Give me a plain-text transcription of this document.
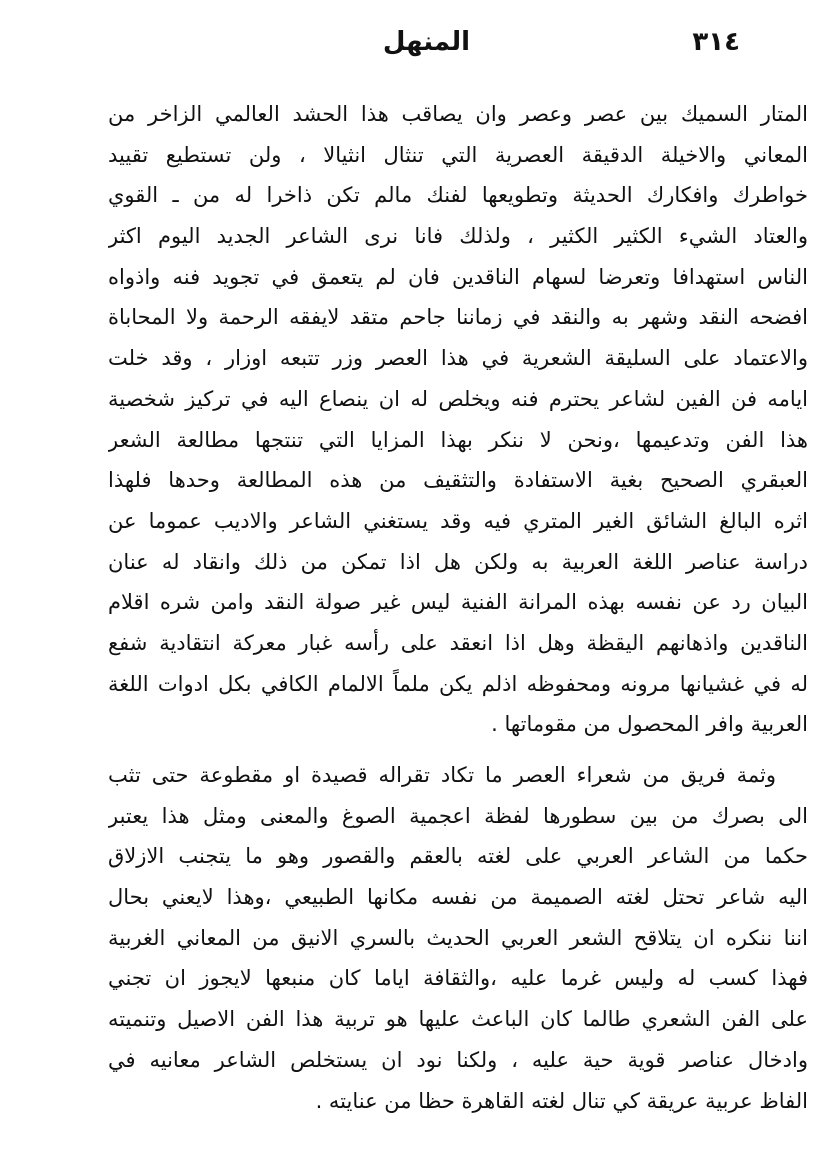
٣١٤
المنهل
المتار السميك بين عصر وعصر وان يصاقب هذا الحشد العالمي الزاخر من
المعاني والاخيلة الدقيقة العصرية التي تنثال انثيالا ، ولن تستطيع تقييد
خواطرك وافكارك الحديثة وتطويعها لفنك مالم تكن ذاخرا له من ـ القوي
والعتاد الشيء الكثير الكثير ، ولذلك فانا نرى الشاعر الجديد اليوم اكثر
الناس استهدافا وتعرضا لسهام الناقدين فان لم يتعمق في تجويد فنه واذواه
افضحه النقد وشهر به والنقد في زماننا جاحم متقد لايفقه الرحمة ولا المحاباة
والاعتماد على السليقة الشعرية في هذا العصر وزر تتبعه اوزار ، وقد خلت
ايامه فن الفين لشاعر يحترم فنه ويخلص له ان ينصاع اليه في تركيز شخصية
هذا الفن وتدعيمها ،ونحن لا ننكر بهذا المزايا التي تنتجها مطالعة الشعر
العبقري الصحيح بغية الاستفادة والتثقيف من هذه المطالعة وحدها فلهذا
اثره البالغ الشائق الغير المتري فيه وقد يستغني الشاعر والاديب عموما عن
دراسة عناصر اللغة العربية به ولكن هل اذا تمكن من ذلك وانقاد له عنان
البيان رد عن نفسه بهذه المرانة الفنية ليس غير صولة النقد وامن شره اقلام
الناقدين واذهانهم اليقظة وهل اذا انعقد على رأسه غبار معركة انتقادية شفع
له في غشيانها مرونه ومحفوظه اذلم يكن ملماً الالمام الكافي بكل ادوات اللغة
العربية وافر المحصول من مقوماتها .
وثمة فريق من شعراء العصر ما تكاد تقراله قصيدة او مقطوعة حتى تثب
الى بصرك من بين سطورها لفظة اعجمية الصوغ والمعنى ومثل هذا يعتبر
حكما من الشاعر العربي على لغته بالعقم والقصور وهو ما يتجنب الازلاق
اليه شاعر تحتل لغته الصميمة من نفسه مكانها الطبيعي ،وهذا لايعني بحال
اننا ننكره ان يتلاقح الشعر العربي الحديث بالسري الانيق من المعاني الغربية
فهذا كسب له وليس غرما عليه ،والثقافة اياما كان منبعها لايجوز ان تجني
على الفن الشعري طالما كان الباعث عليها هو تربية هذا الفن الاصيل وتنميته
وادخال عناصر قوية حية عليه ، ولكنا نود ان يستخلص الشاعر معانيه في
الفاظ عربية عريقة كي تنال لغته القاهرة حظا من عنايته .
